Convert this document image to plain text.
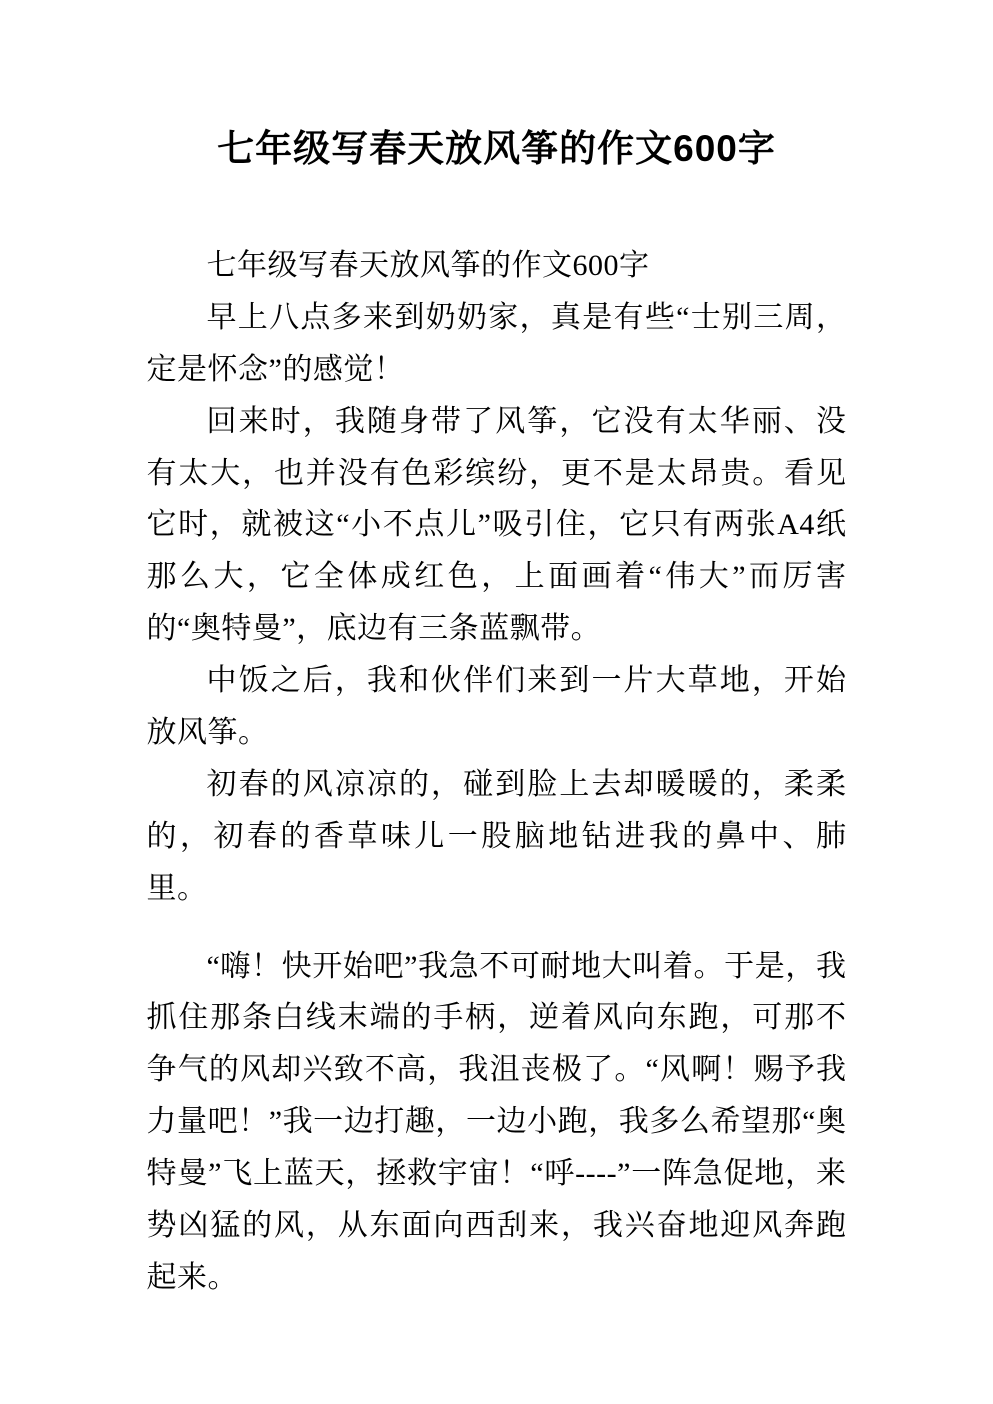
七年级写春天放风筝的作文600字

七年级写春天放风筝的作文600字

早上八点多来到奶奶家，真是有些“士别三周，定是怀念”的感觉！

回来时，我随身带了风筝，它没有太华丽、没有太大，也并没有色彩缤纷，更不是太昂贵。看见它时，就被这“小不点儿”吸引住，它只有两张A4纸那么大，它全体成红色，上面画着“伟大”而厉害的“奥特曼”，底边有三条蓝飘带。

中饭之后，我和伙伴们来到一片大草地，开始放风筝。

初春的风凉凉的，碰到脸上去却暖暖的，柔柔的，初春的香草味儿一股脑地钻进我的鼻中、肺里。

“嗨！快开始吧”我急不可耐地大叫着。于是，我抓住那条白线末端的手柄，逆着风向东跑，可那不争气的风却兴致不高，我沮丧极了。“风啊！赐予我力量吧！”我一边打趣，一边小跑，我多么希望那“奥特曼”飞上蓝天，拯救宇宙！“呼----”一阵急促地，来势凶猛的风，从东面向西刮来，我兴奋地迎风奔跑起来。
